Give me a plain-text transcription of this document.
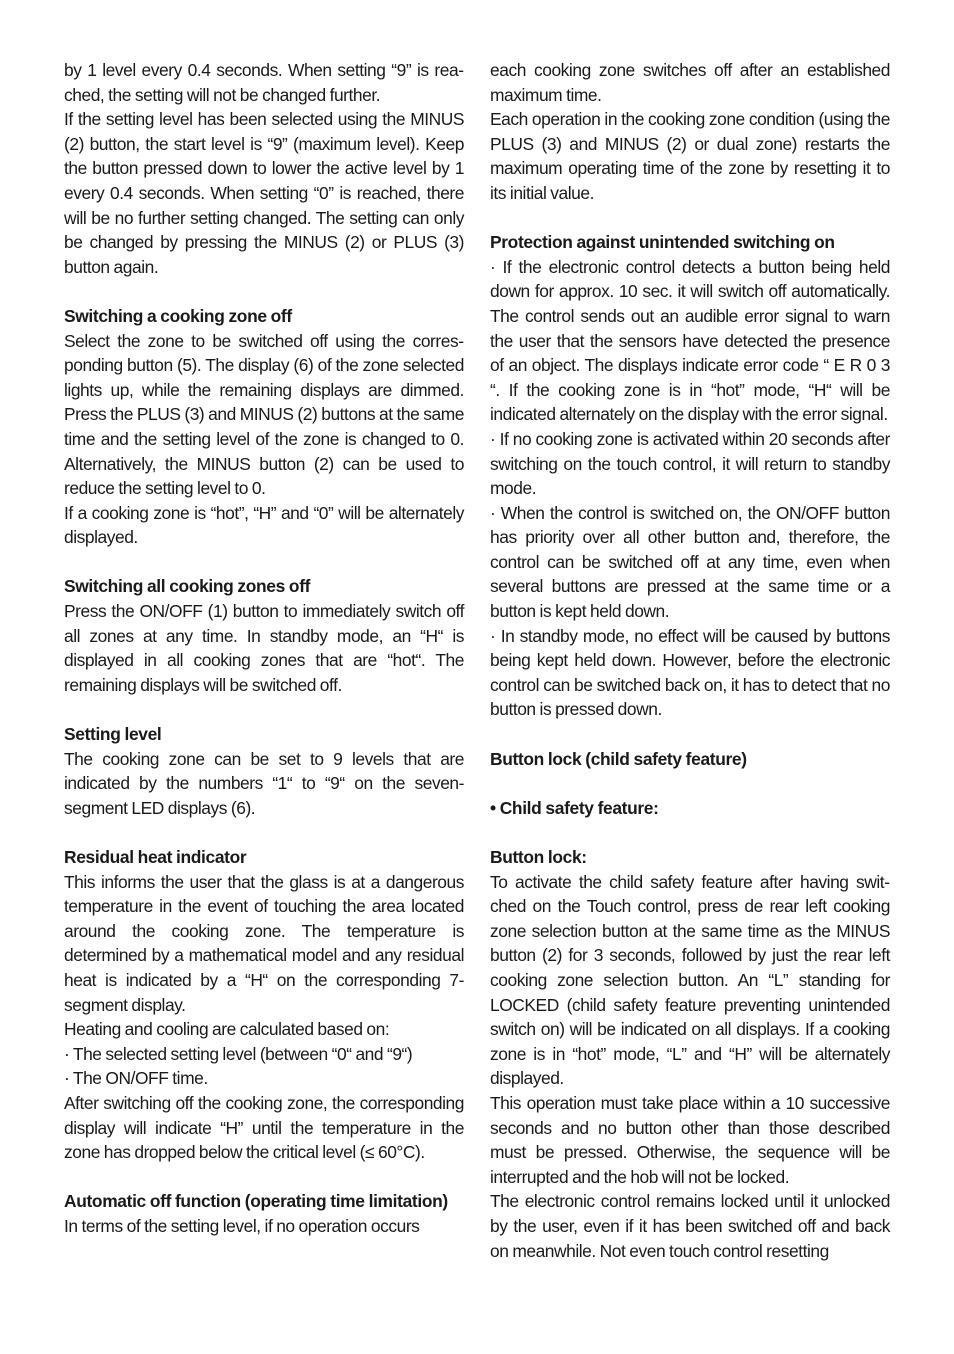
by 1 level every 0.4 seconds. When setting “9” is reached, the setting will not be changed further.

If the setting level has been selected using the MINUS (2) button, the start level is “9” (maximum level). Keep the button pressed down to lower the active level by 1 every 0.4 seconds. When setting “0” is reached, there will be no further setting changed. The setting can only be changed by pressing the MINUS (2) or PLUS (3) button again.

Switching a cooking zone off

Select the zone to be switched off using the corresponding button (5). The display (6) of the zone selected lights up, while the remaining displays are dimmed. Press the PLUS (3) and MINUS (2) buttons at the same time and the setting level of the zone is changed to 0. Alternatively, the MINUS button (2) can be used to reduce the setting level to 0.

If a cooking zone is “hot”, “H” and “0” will be alternately displayed.

Switching all cooking zones off

Press the ON/OFF (1) button to immediately switch off all zones at any time. In standby mode, an “H“ is displayed in all cooking zones that are “hot“. The remaining displays will be switched off.

Setting level

The cooking zone can be set to 9 levels that are indicated by the numbers “1“ to “9“ on the seven-segment LED displays (6).

Residual heat indicator

This informs the user that the glass is at a dangerous temperature in the event of touching the area located around the cooking zone. The temperature is determined by a mathematical model and any residual heat is indicated by a “H“ on the corresponding 7-segment display.

Heating and cooling are calculated based on:

· The selected setting level (between “0“ and “9“)

· The ON/OFF time.

After switching off the cooking zone, the corresponding display will indicate “H” until the temperature in the zone has dropped below the critical level (≤ 60°C).

Automatic off function (operating time limitation)

In terms of the setting level, if no operation occurs

each cooking zone switches off after an established maximum time.

Each operation in the cooking zone condition (using the PLUS (3) and MINUS (2) or dual zone) restarts the maximum operating time of the zone by resetting it to its initial value.

Protection against unintended switching on

· If the electronic control detects a button being held down for approx. 10 sec. it will switch off automatically. The control sends out an audible error signal to warn the user that the sensors have detected the presence of an object. The displays indicate error code “ E R 0 3 “. If the cooking zone is in “hot” mode, “H“ will be indicated alternately on the display with the error signal.

· If no cooking zone is activated within 20 seconds after switching on the touch control, it will return to standby mode.

· When the control is switched on, the ON/OFF button has priority over all other button and, therefore, the control can be switched off at any time, even when several buttons are pressed at the same time or a button is kept held down.

· In standby mode, no effect will be caused by buttons being kept held down. However, before the electronic control can be switched back on, it has to detect that no button is pressed down.

Button lock (child safety feature)
• Child safety feature:
Button lock:

To activate the child safety feature after having switched on the Touch control, press de rear left cooking zone selection button at the same time as the MINUS button (2) for 3 seconds, followed by just the rear left cooking zone selection button. An “L” standing for LOCKED (child safety feature preventing unintended switch on) will be indicated on all displays. If a cooking zone is in “hot” mode, “L” and “H” will be alternately displayed.

This operation must take place within a 10 successive seconds and no button other than those described must be pressed. Otherwise, the sequence will be interrupted and the hob will not be locked.

The electronic control remains locked until it unlocked by the user, even if it has been switched off and back on meanwhile. Not even touch control resetting
